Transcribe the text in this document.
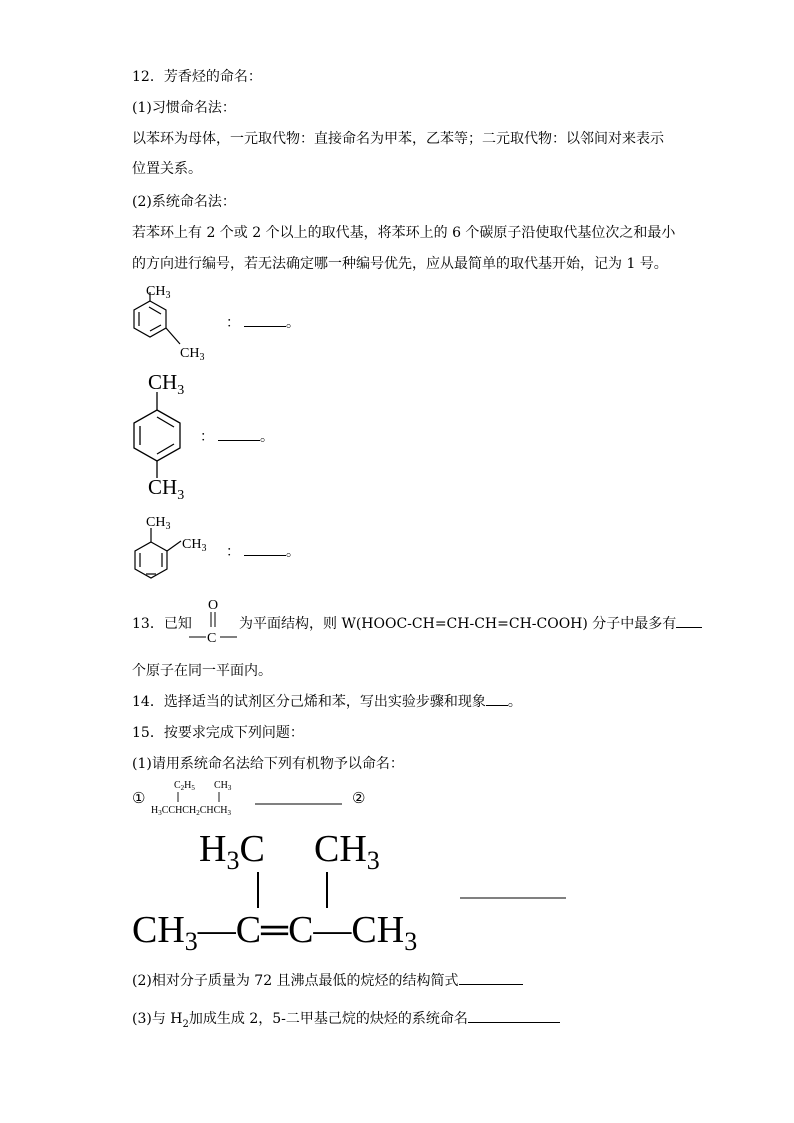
12．芳香烃的命名：
(1)习惯命名法：
以苯环为母体，一元取代物：直接命名为甲苯，乙苯等；二元取代物：以邻间对来表示
位置关系。
(2)系统命名法：
若苯环上有 2 个或 2 个以上的取代基，将苯环上的 6 个碳原子沿使取代基位次之和最小
的方向进行编号，若无法确定哪一种编号优先，应从最简单的取代基开始，记为 1 号。
$CH_3$
$CH_3$
：	。
$CH_3$
$CH_3$
：	。
$CH_3$
$CH_3$ ：	。
13．已知
O
C
为平面结构，则 W(HOOC-CH=CH-CH=CH-COOH) 分子中最多有
个原子在同一平面内。
14．选择适当的试剂区分己烯和苯，写出实验步骤和现象 。
15．按要求完成下列问题：
(1)请用系统命名法给下列有机物予以命名：
①
$C_2H_5$ $CH_3$
$H_3CCHCH_2CHCH_3$
②
$H_3C$ $CH_3$
$CH_3—C═C—CH_3$
(2)相对分子质量为 72 且沸点最低的烷烃的结构简式
(3)与 $H_2$加成生成 2，5-二甲基己烷的炔烃的系统命名
